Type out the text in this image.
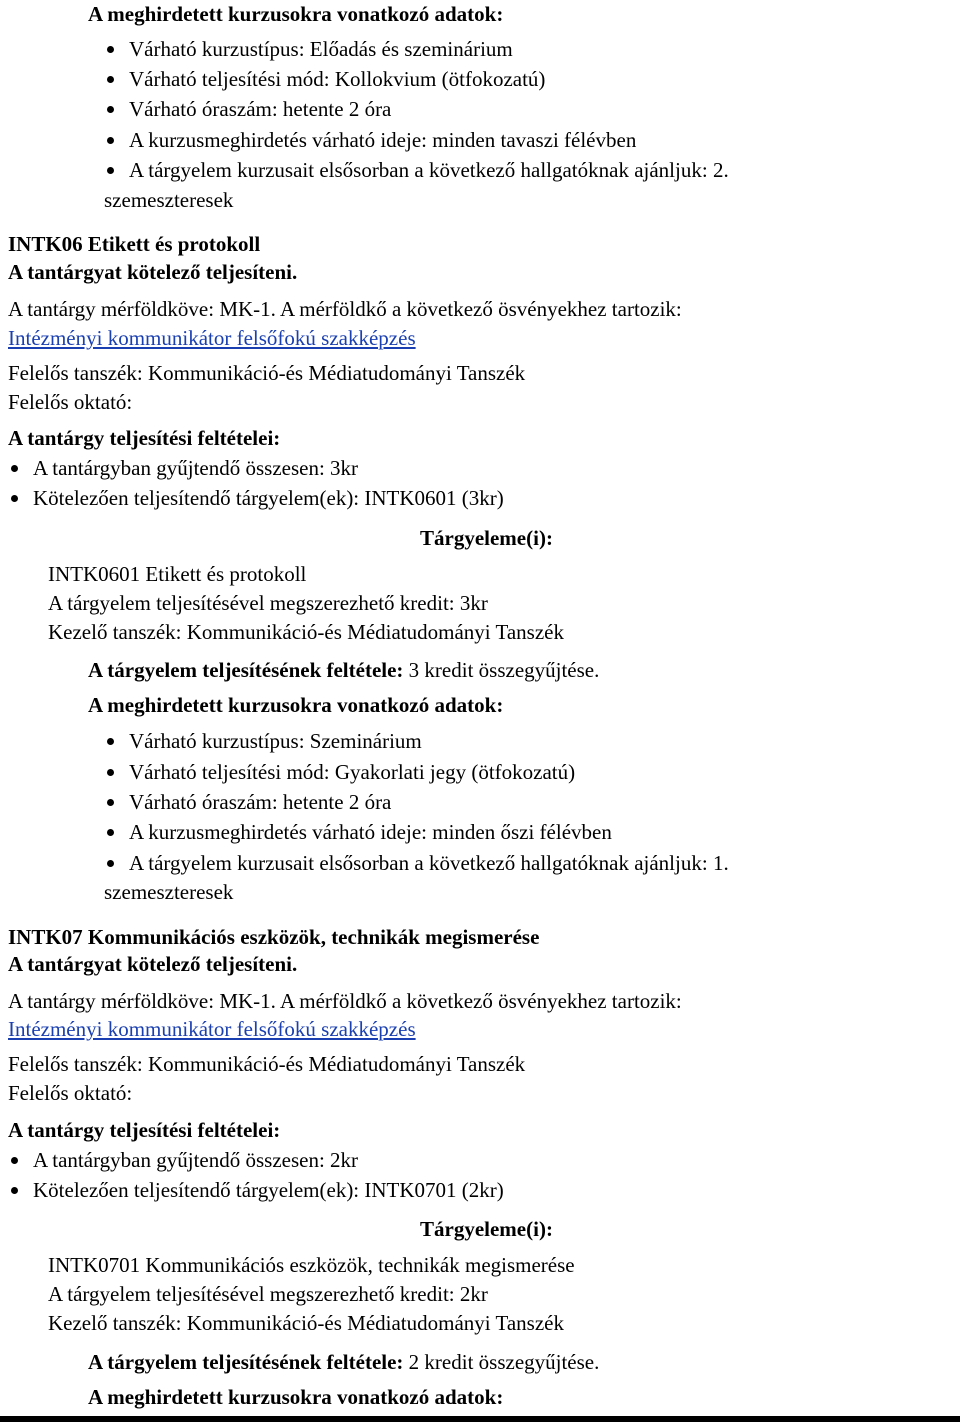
A meghirdetett kurzusokra vonatkozó adatok:
Várható kurzustípus: Előadás és szeminárium
Várható teljesítési mód: Kollokvium (ötfokozatú)
Várható óraszám: hetente 2 óra
A kurzusmeghirdetés várható ideje: minden tavaszi félévben
A tárgyelem kurzusait elsősorban a következő hallgatóknak ajánljuk: 2.
szemeszteresek
INTK06 Etikett és protokoll
A tantárgyat kötelező teljesíteni.
A tantárgy mérföldköve: MK-1. A mérföldkő a következő ösvényekhez tartozik:
Intézményi kommunikátor felsőfokú szakképzés
Felelős tanszék: Kommunikáció-és Médiatudományi Tanszék
Felelős oktató:
A tantárgy teljesítési feltételei:
A tantárgyban gyűjtendő összesen: 3kr
Kötelezően teljesítendő tárgyelem(ek): INTK0601 (3kr)
Tárgyeleme(i):
INTK0601 Etikett és protokoll
A tárgyelem teljesítésével megszerezhető kredit: 3kr
Kezelő tanszék: Kommunikáció-és Médiatudományi Tanszék
A tárgyelem teljesítésének feltétele: 3 kredit összegyűjtése.
A meghirdetett kurzusokra vonatkozó adatok:
Várható kurzustípus: Szeminárium
Várható teljesítési mód: Gyakorlati jegy (ötfokozatú)
Várható óraszám: hetente 2 óra
A kurzusmeghirdetés várható ideje: minden őszi félévben
A tárgyelem kurzusait elsősorban a következő hallgatóknak ajánljuk: 1.
szemeszteresek
INTK07 Kommunikációs eszközök, technikák megismerése
A tantárgyat kötelező teljesíteni.
A tantárgy mérföldköve: MK-1. A mérföldkő a következő ösvényekhez tartozik:
Intézményi kommunikátor felsőfokú szakképzés
Felelős tanszék: Kommunikáció-és Médiatudományi Tanszék
Felelős oktató:
A tantárgy teljesítési feltételei:
A tantárgyban gyűjtendő összesen: 2kr
Kötelezően teljesítendő tárgyelem(ek): INTK0701 (2kr)
Tárgyeleme(i):
INTK0701 Kommunikációs eszközök, technikák megismerése
A tárgyelem teljesítésével megszerezhető kredit: 2kr
Kezelő tanszék: Kommunikáció-és Médiatudományi Tanszék
A tárgyelem teljesítésének feltétele: 2 kredit összegyűjtése.
A meghirdetett kurzusokra vonatkozó adatok:
